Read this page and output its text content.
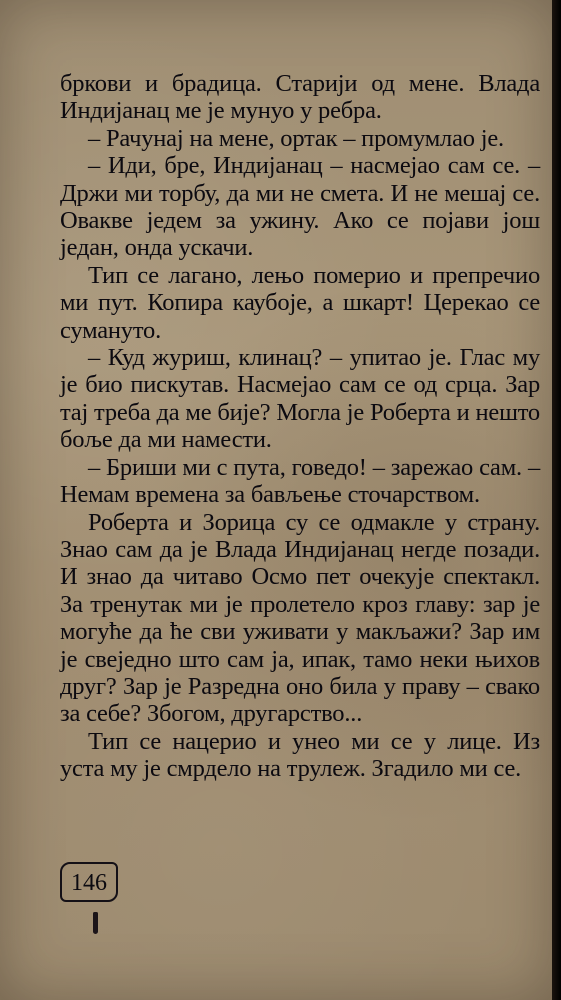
бркови и брадица. Старији од мене. Влада Индијанац ме је мунуо у ребра.

– Рачунај на мене, ортак – промумлао је.

– Иди, бре, Индијанац – насмејао сам се. – Држи ми торбу, да ми не смета. И не мешај се. Овакве једем за ужину. Ако се појави још један, онда ускачи.

Тип се лагано, лењо померио и препречио ми пут. Копира каубоје, а шкарт! Церекао се сумануто.

– Куд журиш, клинац? – упитао је. Глас му је био пискутав. Насмејао сам се од срца. Зар тај треба да ме бије? Могла је Роберта и нешто боље да ми намести.

– Бриши ми с пута, говедо! – зарежао сам. – Немам времена за бављење сточарством.

Роберта и Зорица су се одмакле у страну. Знао сам да је Влада Индијанац негде позади. И знао да читаво Осмо пет очекује спектакл. За тренутак ми је пролетело кроз главу: зар је могуће да ће сви уживати у макљажи? Зар им је свеједно што сам ја, ипак, тамо неки њихов друг? Зар је Разредна оно била у праву – свако за себе? Збогом, другарство...

Тип се нацерио и унео ми се у лице. Из уста му је смрдело на трулеж. Згадило ми се.

146
